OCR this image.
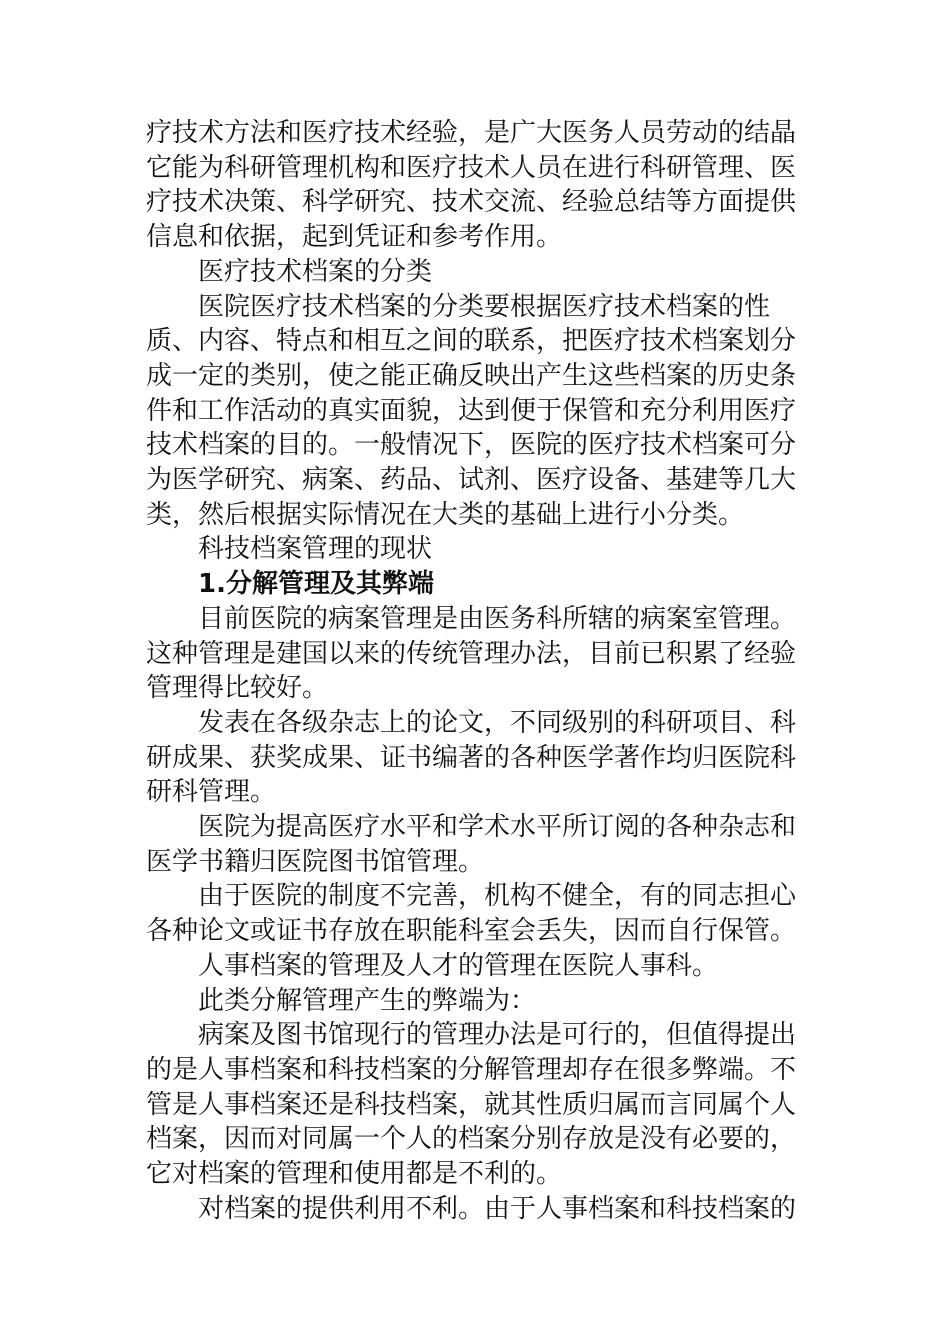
疗技术方法和医疗技术经验，是广大医务人员劳动的结晶它能为科研管理机构和医疗技术人员在进行科研管理、医疗技术决策、科学研究、技术交流、经验总结等方面提供信息和依据，起到凭证和参考作用。

医疗技术档案的分类

医院医疗技术档案的分类要根据医疗技术档案的性质、内容、特点和相互之间的联系，把医疗技术档案划分成一定的类别，使之能正确反映出产生这些档案的历史条件和工作活动的真实面貌，达到便于保管和充分利用医疗技术档案的目的。一般情况下，医院的医疗技术档案可分为医学研究、病案、药品、试剂、医疗设备、基建等几大类，然后根据实际情况在大类的基础上进行小分类。

科技档案管理的现状

1.分解管理及其弊端

目前医院的病案管理是由医务科所辖的病案室管理。这种管理是建国以来的传统管理办法，目前已积累了经验管理得比较好。

发表在各级杂志上的论文，不同级别的科研项目、科研成果、获奖成果、证书编著的各种医学著作均归医院科研科管理。

医院为提高医疗水平和学术水平所订阅的各种杂志和医学书籍归医院图书馆管理。

由于医院的制度不完善，机构不健全，有的同志担心各种论文或证书存放在职能科室会丢失，因而自行保管。

人事档案的管理及人才的管理在医院人事科。

此类分解管理产生的弊端为：

病案及图书馆现行的管理办法是可行的，但值得提出的是人事档案和科技档案的分解管理却存在很多弊端。不管是人事档案还是科技档案，就其性质归属而言同属个人档案，因而对同属一个人的档案分别存放是没有必要的，它对档案的管理和使用都是不利的。

对档案的提供利用不利。由于人事档案和科技档案的
